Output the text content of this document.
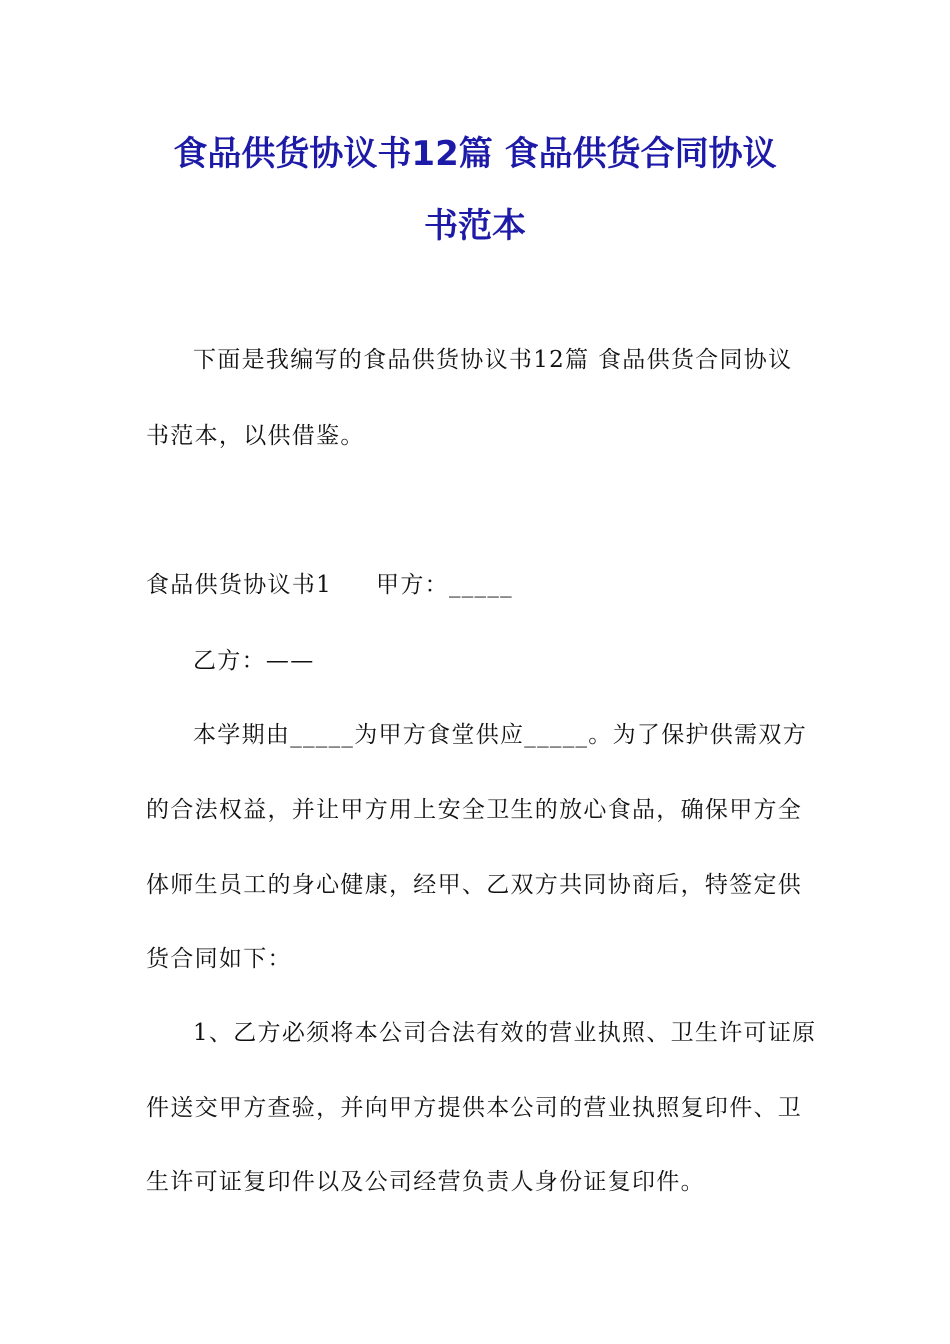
食品供货协议书12篇 食品供货合同协议
书范本
下面是我编写的食品供货协议书12篇 食品供货合同协议
书范本，以供借鉴。
食品供货协议书1 甲方：_____
乙方：——
本学期由_____为甲方食堂供应_____。为了保护供需双方
的合法权益，并让甲方用上安全卫生的放心食品，确保甲方全
体师生员工的身心健康，经甲、乙双方共同协商后，特签定供
货合同如下：
1、乙方必须将本公司合法有效的营业执照、卫生许可证原
件送交甲方查验，并向甲方提供本公司的营业执照复印件、卫
生许可证复印件以及公司经营负责人身份证复印件。
